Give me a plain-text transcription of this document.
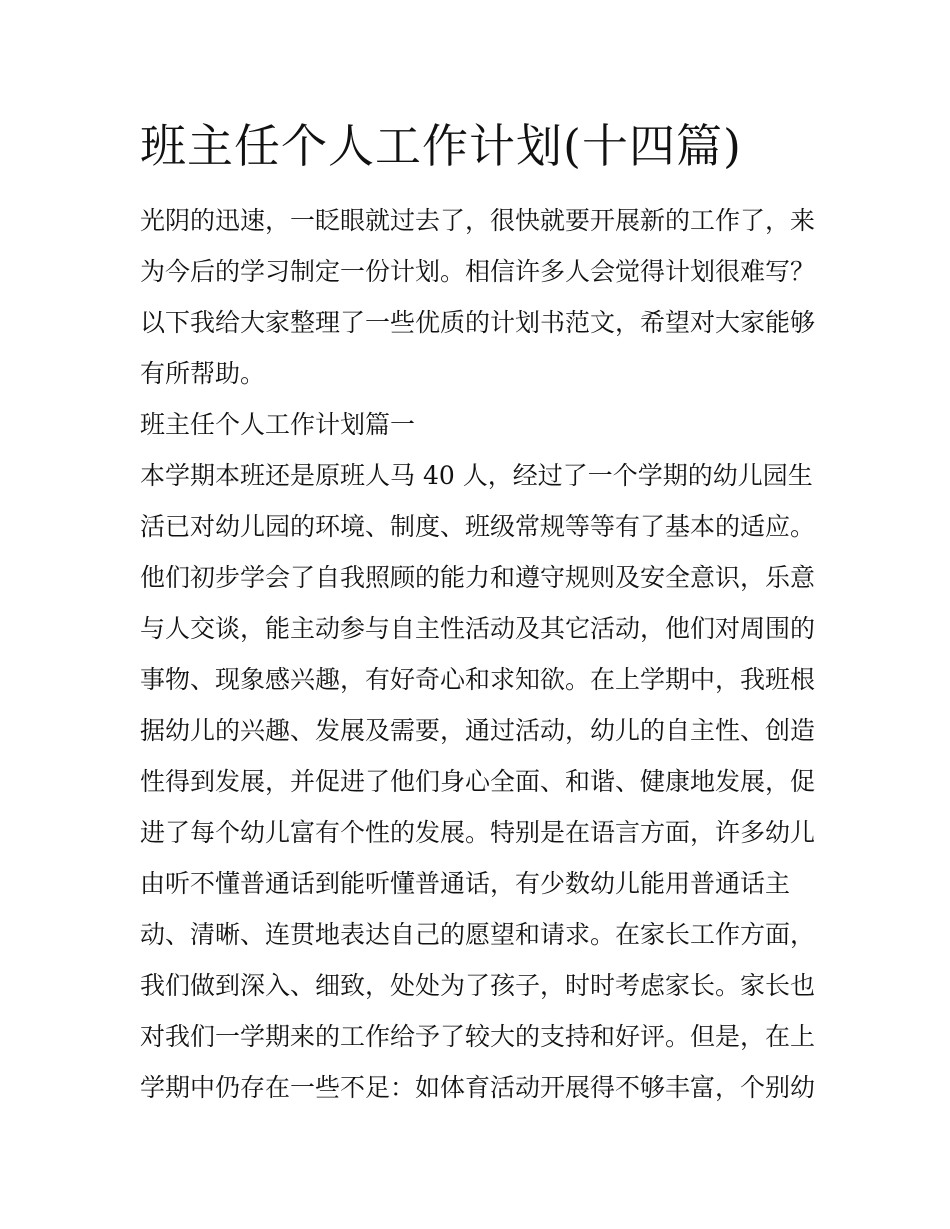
班主任个人工作计划(十四篇)

光阴的迅速，一眨眼就过去了，很快就要开展新的工作了，来

为今后的学习制定一份计划。相信许多人会觉得计划很难写？

以下我给大家整理了一些优质的计划书范文，希望对大家能够

有所帮助。

班主任个人工作计划篇一

本学期本班还是原班人马 40 人，经过了一个学期的幼儿园生

活已对幼儿园的环境、制度、班级常规等等有了基本的适应。

他们初步学会了自我照顾的能力和遵守规则及安全意识，乐意

与人交谈，能主动参与自主性活动及其它活动，他们对周围的

事物、现象感兴趣，有好奇心和求知欲。在上学期中，我班根

据幼儿的兴趣、发展及需要，通过活动，幼儿的自主性、创造

性得到发展，并促进了他们身心全面、和谐、健康地发展，促

进了每个幼儿富有个性的发展。特别是在语言方面，许多幼儿

由听不懂普通话到能听懂普通话，有少数幼儿能用普通话主

动、清晰、连贯地表达自己的愿望和请求。在家长工作方面，

我们做到深入、细致，处处为了孩子，时时考虑家长。家长也

对我们一学期来的工作给予了较大的支持和好评。但是，在上

学期中仍存在一些不足：如体育活动开展得不够丰富，个别幼
